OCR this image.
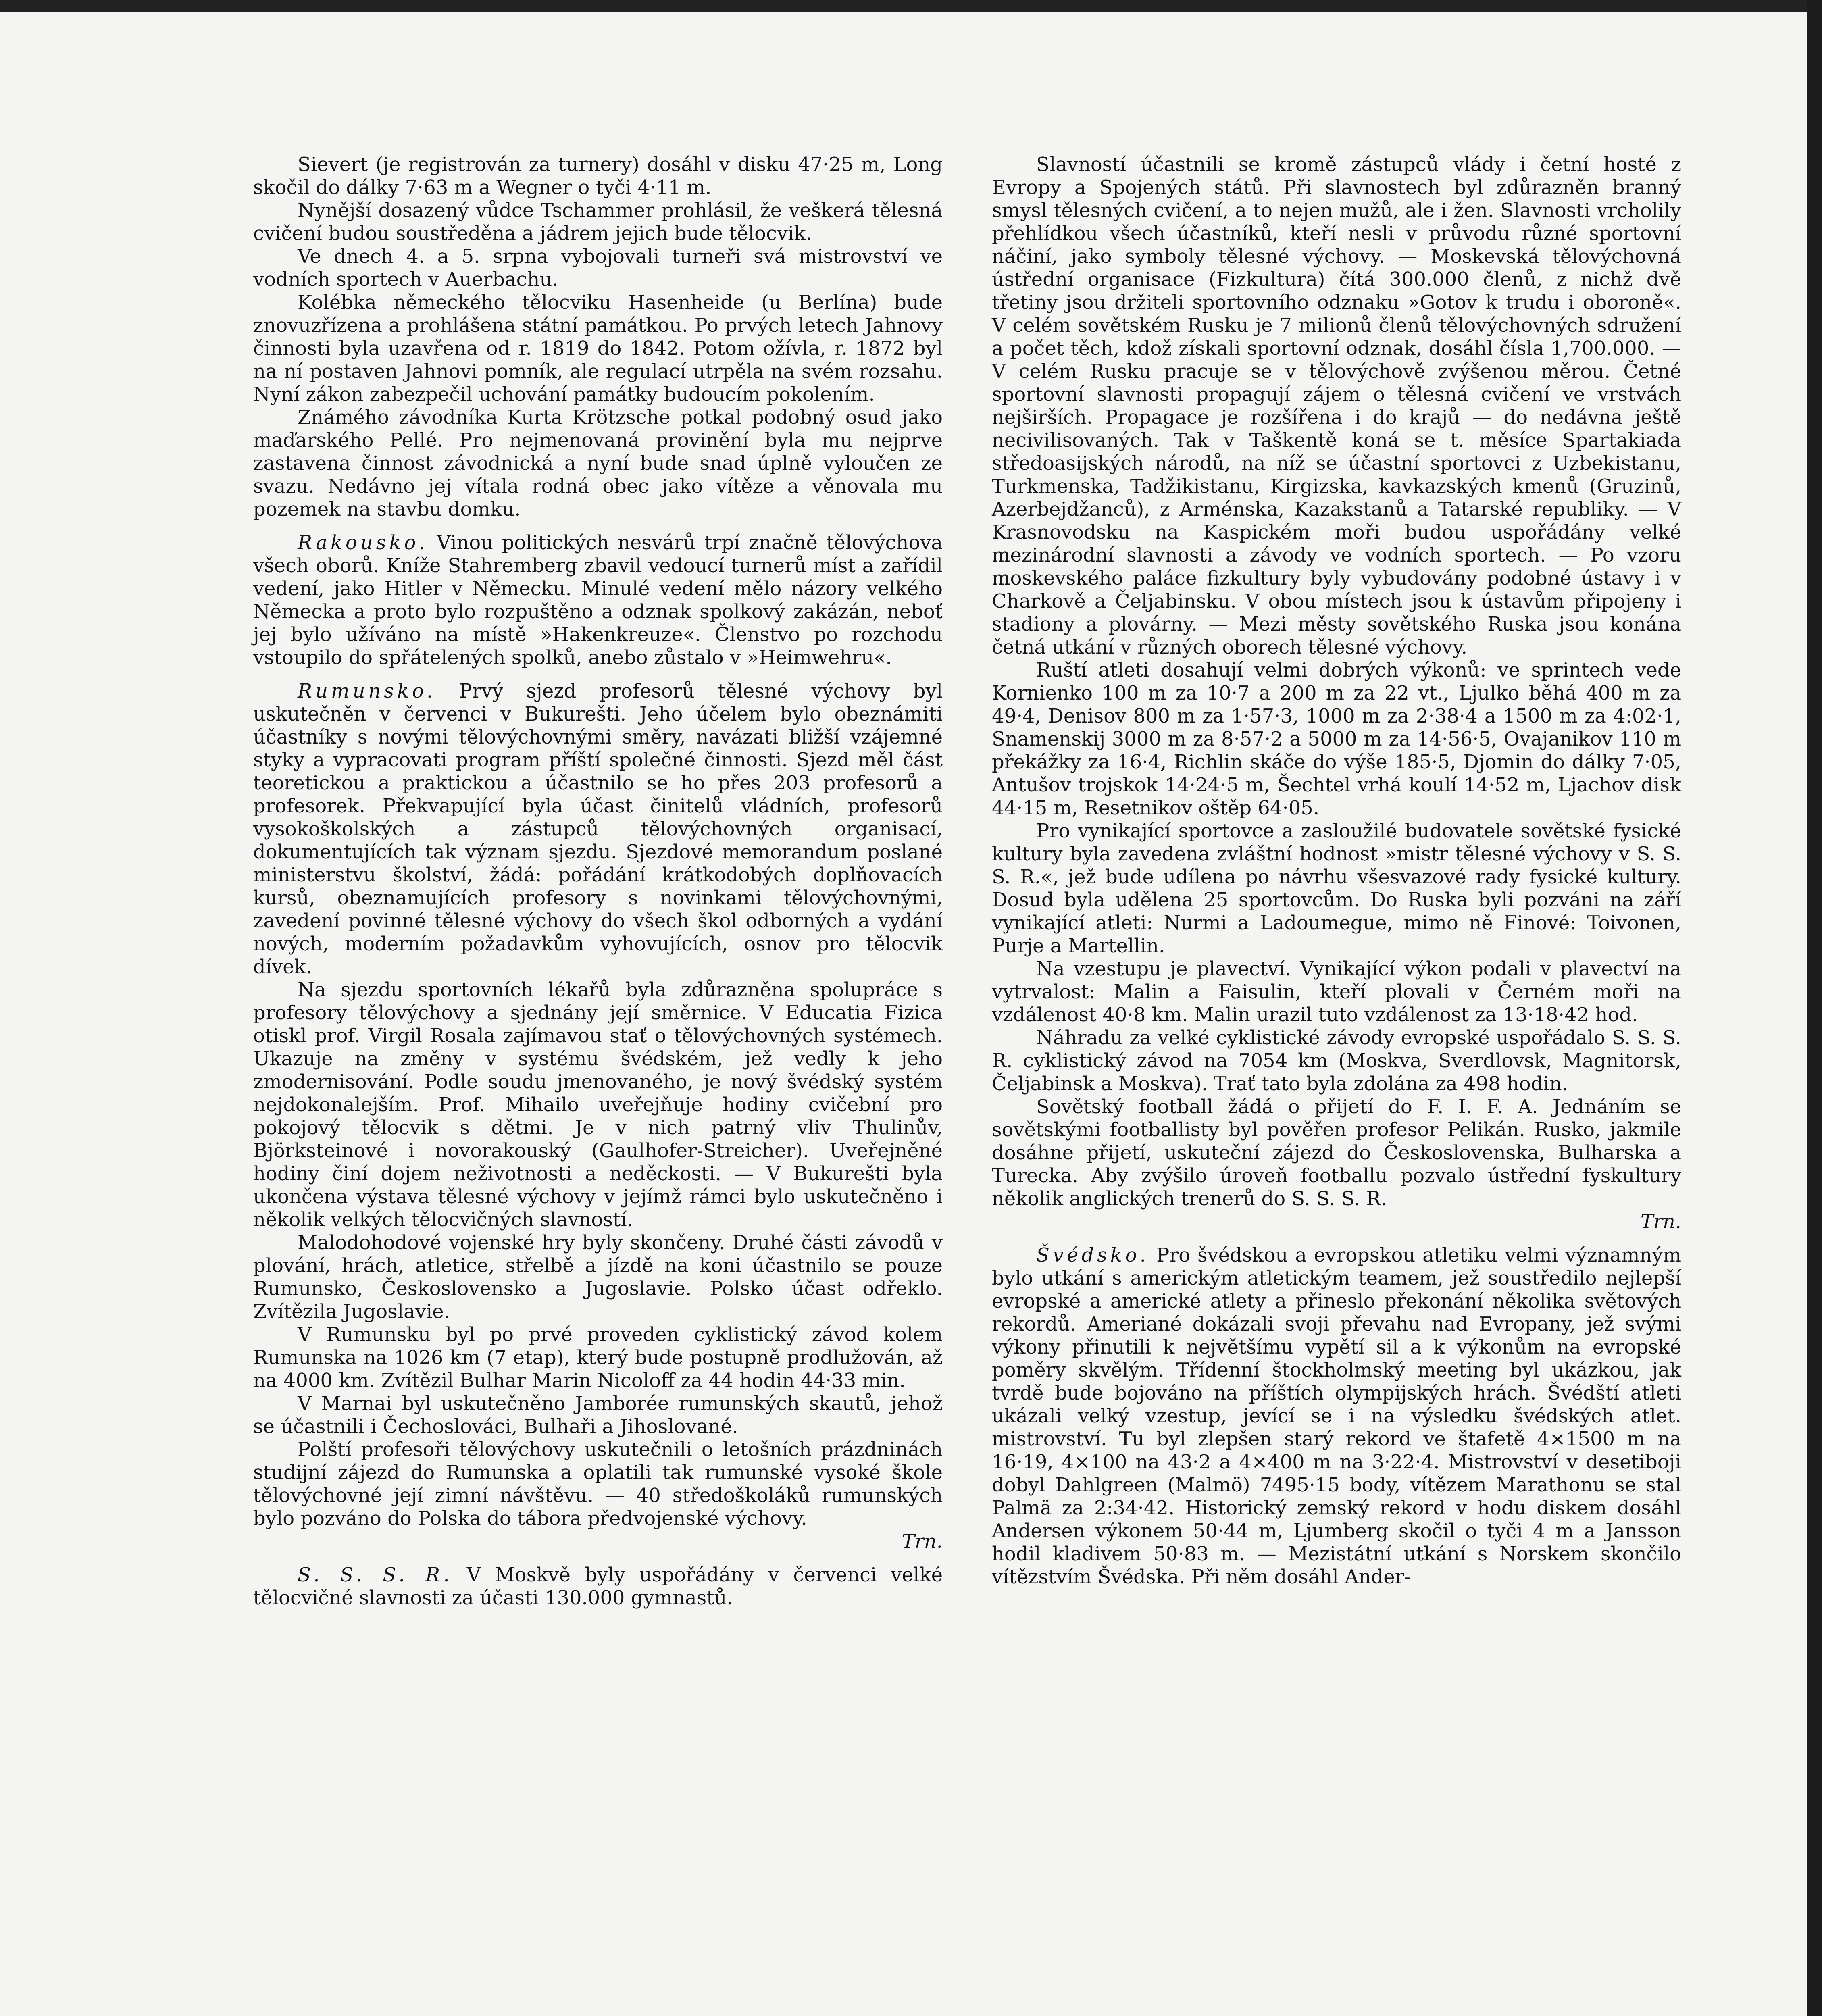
Sievert (je registrován za turnery) dosáhl v disku 47·25 m, Long skočil do dálky 7·63 m a Wegner o tyči 4·11 m.

Nynější dosazený vůdce Tschammer prohlásil, že veškerá tělesná cvičení budou soustředěna a jádrem jejich bude tělocvik.

Ve dnech 4. a 5. srpna vybojovali turneři svá mistrovství ve vodních sportech v Auerbachu.

Kolébka německého tělocviku Hasenheide (u Berlína) bude znovuzřízena a prohlášena státní památkou. Po prvých letech Jahnovy činnosti byla uzavřena od r. 1819 do 1842. Potom ožívla, r. 1872 byl na ní postaven Jahnovi pomník, ale regulací utrpěla na svém rozsahu. Nyní zákon zabezpečil uchování památky budoucím pokolením.

Známého závodníka Kurta Krötzsche potkal podobný osud jako maďarského Pellé. Pro nejmenovaná provinění byla mu nejprve zastavena činnost závodnická a nyní bude snad úplně vyloučen ze svazu. Nedávno jej vítala rodná obec jako vítěze a věnovala mu pozemek na stavbu domku.

Rakousko. Vinou politických nesvárů trpí značně tělovýchova všech oborů. Kníže Stahremberg zbavil vedoucí turnerů míst a zařídil vedení, jako Hitler v Německu. Minulé vedení mělo názory velkého Německa a proto bylo rozpuštěno a odznak spolkový zakázán, neboť jej bylo užíváno na místě »Hakenkreuze«. Členstvo po rozchodu vstoupilo do spřátelených spolků, anebo zůstalo v »Heimwehru«.

Rumunsko. Prvý sjezd profesorů tělesné výchovy byl uskutečněn v červenci v Bukurešti. Jeho účelem bylo obeznámiti účastníky s novými tělovýchovnými směry, navázati bližší vzájemné styky a vypracovati program příští společné činnosti. Sjezd měl část teoretickou a praktickou a účastnilo se ho přes 203 profesorů a profesorek. Překvapující byla účast činitelů vládních, profesorů vysokoškolských a zástupců tělovýchovných organisací, dokumentujících tak význam sjezdu. Sjezdové memorandum poslané ministerstvu školství, žádá: pořádání krátkodobých doplňovacích kursů, obeznamujících profesory s novinkami tělovýchovnými, zavedení povinné tělesné výchovy do všech škol odborných a vydání nových, moderním požadavkům vyhovujících, osnov pro tělocvik dívek.

Na sjezdu sportovních lékařů byla zdůrazněna spolupráce s profesory tělovýchovy a sjednány její směrnice. V Educatia Fizica otiskl prof. Virgil Rosala zajímavou stať o tělovýchovných systémech. Ukazuje na změny v systému švédském, jež vedly k jeho zmodernisování. Podle soudu jmenovaného, je nový švédský systém nejdokonalejším. Prof. Mihailo uveřejňuje hodiny cvičební pro pokojový tělocvik s dětmi. Je v nich patrný vliv Thulinův, Björksteinové i novorakouský (Gaulhofer-Streicher). Uveřejněné hodiny činí dojem neživotnosti a neděckosti. — V Bukurešti byla ukončena výstava tělesné výchovy v jejímž rámci bylo uskutečněno i několik velkých tělocvičných slavností.

Malodohodové vojenské hry byly skončeny. Druhé části závodů v plování, hrách, atletice, střelbě a jízdě na koni účastnilo se pouze Rumunsko, Československo a Jugoslavie. Polsko účast odřeklo. Zvítězila Jugoslavie.

V Rumunsku byl po prvé proveden cyklistický závod kolem Rumunska na 1026 km (7 etap), který bude postupně prodlužován, až na 4000 km. Zvítězil Bulhar Marin Nicoloff za 44 hodin 44·33 min.

V Marnai byl uskutečněno Jamborée rumunských skautů, jehož se účastnili i Čechoslováci, Bulhaři a Jihoslované.

Polští profesoři tělovýchovy uskutečnili o letošních prázdninách studijní zájezd do Rumunska a oplatili tak rumunské vysoké škole tělovýchovné její zimní návštěvu. — 40 středoškoláků rumunských bylo pozváno do Polska do tábora předvojenské výchovy.

Trn.

S. S. S. R. V Moskvě byly uspořádány v červenci velké tělocvičné slavnosti za účasti 130.000 gymnastů.

Slavností účastnili se kromě zástupců vlády i četní hosté z Evropy a Spojených států. Při slavnostech byl zdůrazněn branný smysl tělesných cvičení, a to nejen mužů, ale i žen. Slavnosti vrcholily přehlídkou všech účastníků, kteří nesli v průvodu různé sportovní náčiní, jako symboly tělesné výchovy. — Moskevská tělovýchovná ústřední organisace (Fizkultura) čítá 300.000 členů, z nichž dvě třetiny jsou držiteli sportovního odznaku »Gotov k trudu i oboroně«. V celém sovětském Rusku je 7 milionů členů tělovýchovných sdružení a počet těch, kdož získali sportovní odznak, dosáhl čísla 1,700.000. — V celém Rusku pracuje se v tělovýchově zvýšenou měrou. Četné sportovní slavnosti propagují zájem o tělesná cvičení ve vrstvách nejširších. Propagace je rozšířena i do krajů — do nedávna ještě necivilisovaných. Tak v Taškentě koná se t. měsíce Spartakiada středoasijských národů, na níž se účastní sportovci z Uzbekistanu, Turkmenska, Tadžikistanu, Kirgizska, kavkazských kmenů (Gruzinů, Azerbejdžanců), z Arménska, Kazakstanů a Tatarské republiky. — V Krasnovodsku na Kaspickém moři budou uspořádány velké mezinárodní slavnosti a závody ve vodních sportech. — Po vzoru moskevského paláce fizkultury byly vybudovány podobné ústavy i v Charkově a Čeljabinsku. V obou místech jsou k ústavům připojeny i stadiony a plovárny. — Mezi městy sovětského Ruska jsou konána četná utkání v různých oborech tělesné výchovy.

Ruští atleti dosahují velmi dobrých výkonů: ve sprintech vede Kornienko 100 m za 10·7 a 200 m za 22 vt., Ljulko běhá 400 m za 49·4, Denisov 800 m za 1·57·3, 1000 m za 2·38·4 a 1500 m za 4:02·1, Snamenskij 3000 m za 8·57·2 a 5000 m za 14·56·5, Ovajanikov 110 m překážky za 16·4, Richlin skáče do výše 185·5, Djomin do dálky 7·05, Antušov trojskok 14·24·5 m, Šechtel vrhá koulí 14·52 m, Ljachov disk 44·15 m, Resetnikov oštěp 64·05.

Pro vynikající sportovce a zasloužilé budovatele sovětské fysické kultury byla zavedena zvláštní hodnost »mistr tělesné výchovy v S. S. S. R.«, jež bude udílena po návrhu všesvazové rady fysické kultury. Dosud byla udělena 25 sportovcům. Do Ruska byli pozváni na září vynikající atleti: Nurmi a Ladoumegue, mimo ně Finové: Toivonen, Purje a Martellin.

Na vzestupu je plavectví. Vynikající výkon podali v plavectví na vytrvalost: Malin a Faisulin, kteří plovali v Černém moři na vzdálenost 40·8 km. Malin urazil tuto vzdálenost za 13·18·42 hod.

Náhradu za velké cyklistické závody evropské uspořádalo S. S. S. R. cyklistický závod na 7054 km (Moskva, Sverdlovsk, Magnitorsk, Čeljabinsk a Moskva). Trať tato byla zdolána za 498 hodin.

Sovětský football žádá o přijetí do F. I. F. A. Jednáním se sovětskými footballisty byl pověřen profesor Pelikán. Rusko, jakmile dosáhne přijetí, uskuteční zájezd do Československa, Bulharska a Turecka. Aby zvýšilo úroveň footballu pozvalo ústřední fyskultury několik anglických trenerů do S. S. S. R.

Trn.

Švédsko. Pro švédskou a evropskou atletiku velmi významným bylo utkání s americkým atletickým teamem, jež soustředilo nejlepší evropské a americké atlety a přineslo překonání několika světových rekordů. Ameriané dokázali svoji převahu nad Evropany, jež svými výkony přinutili k největšímu vypětí sil a k výkonům na evropské poměry skvělým. Třídenní štockholmský meeting byl ukázkou, jak tvrdě bude bojováno na příštích olympijských hrách. Švédští atleti ukázali velký vzestup, jevící se i na výsledku švédských atlet. mistrovství. Tu byl zlepšen starý rekord ve štafetě 4×1500 m na 16·19, 4×100 na 43·2 a 4×400 m na 3·22·4. Mistrovství v desetiboji dobyl Dahlgreen (Malmö) 7495·15 body, vítězem Marathonu se stal Palmä za 2:34·42. Historický zemský rekord v hodu diskem dosáhl Andersen výkonem 50·44 m, Ljumberg skočil o tyči 4 m a Jansson hodil kladivem 50·83 m. — Mezistátní utkání s Norskem skončilo vítězstvím Švédska. Při něm dosáhl Ander-
